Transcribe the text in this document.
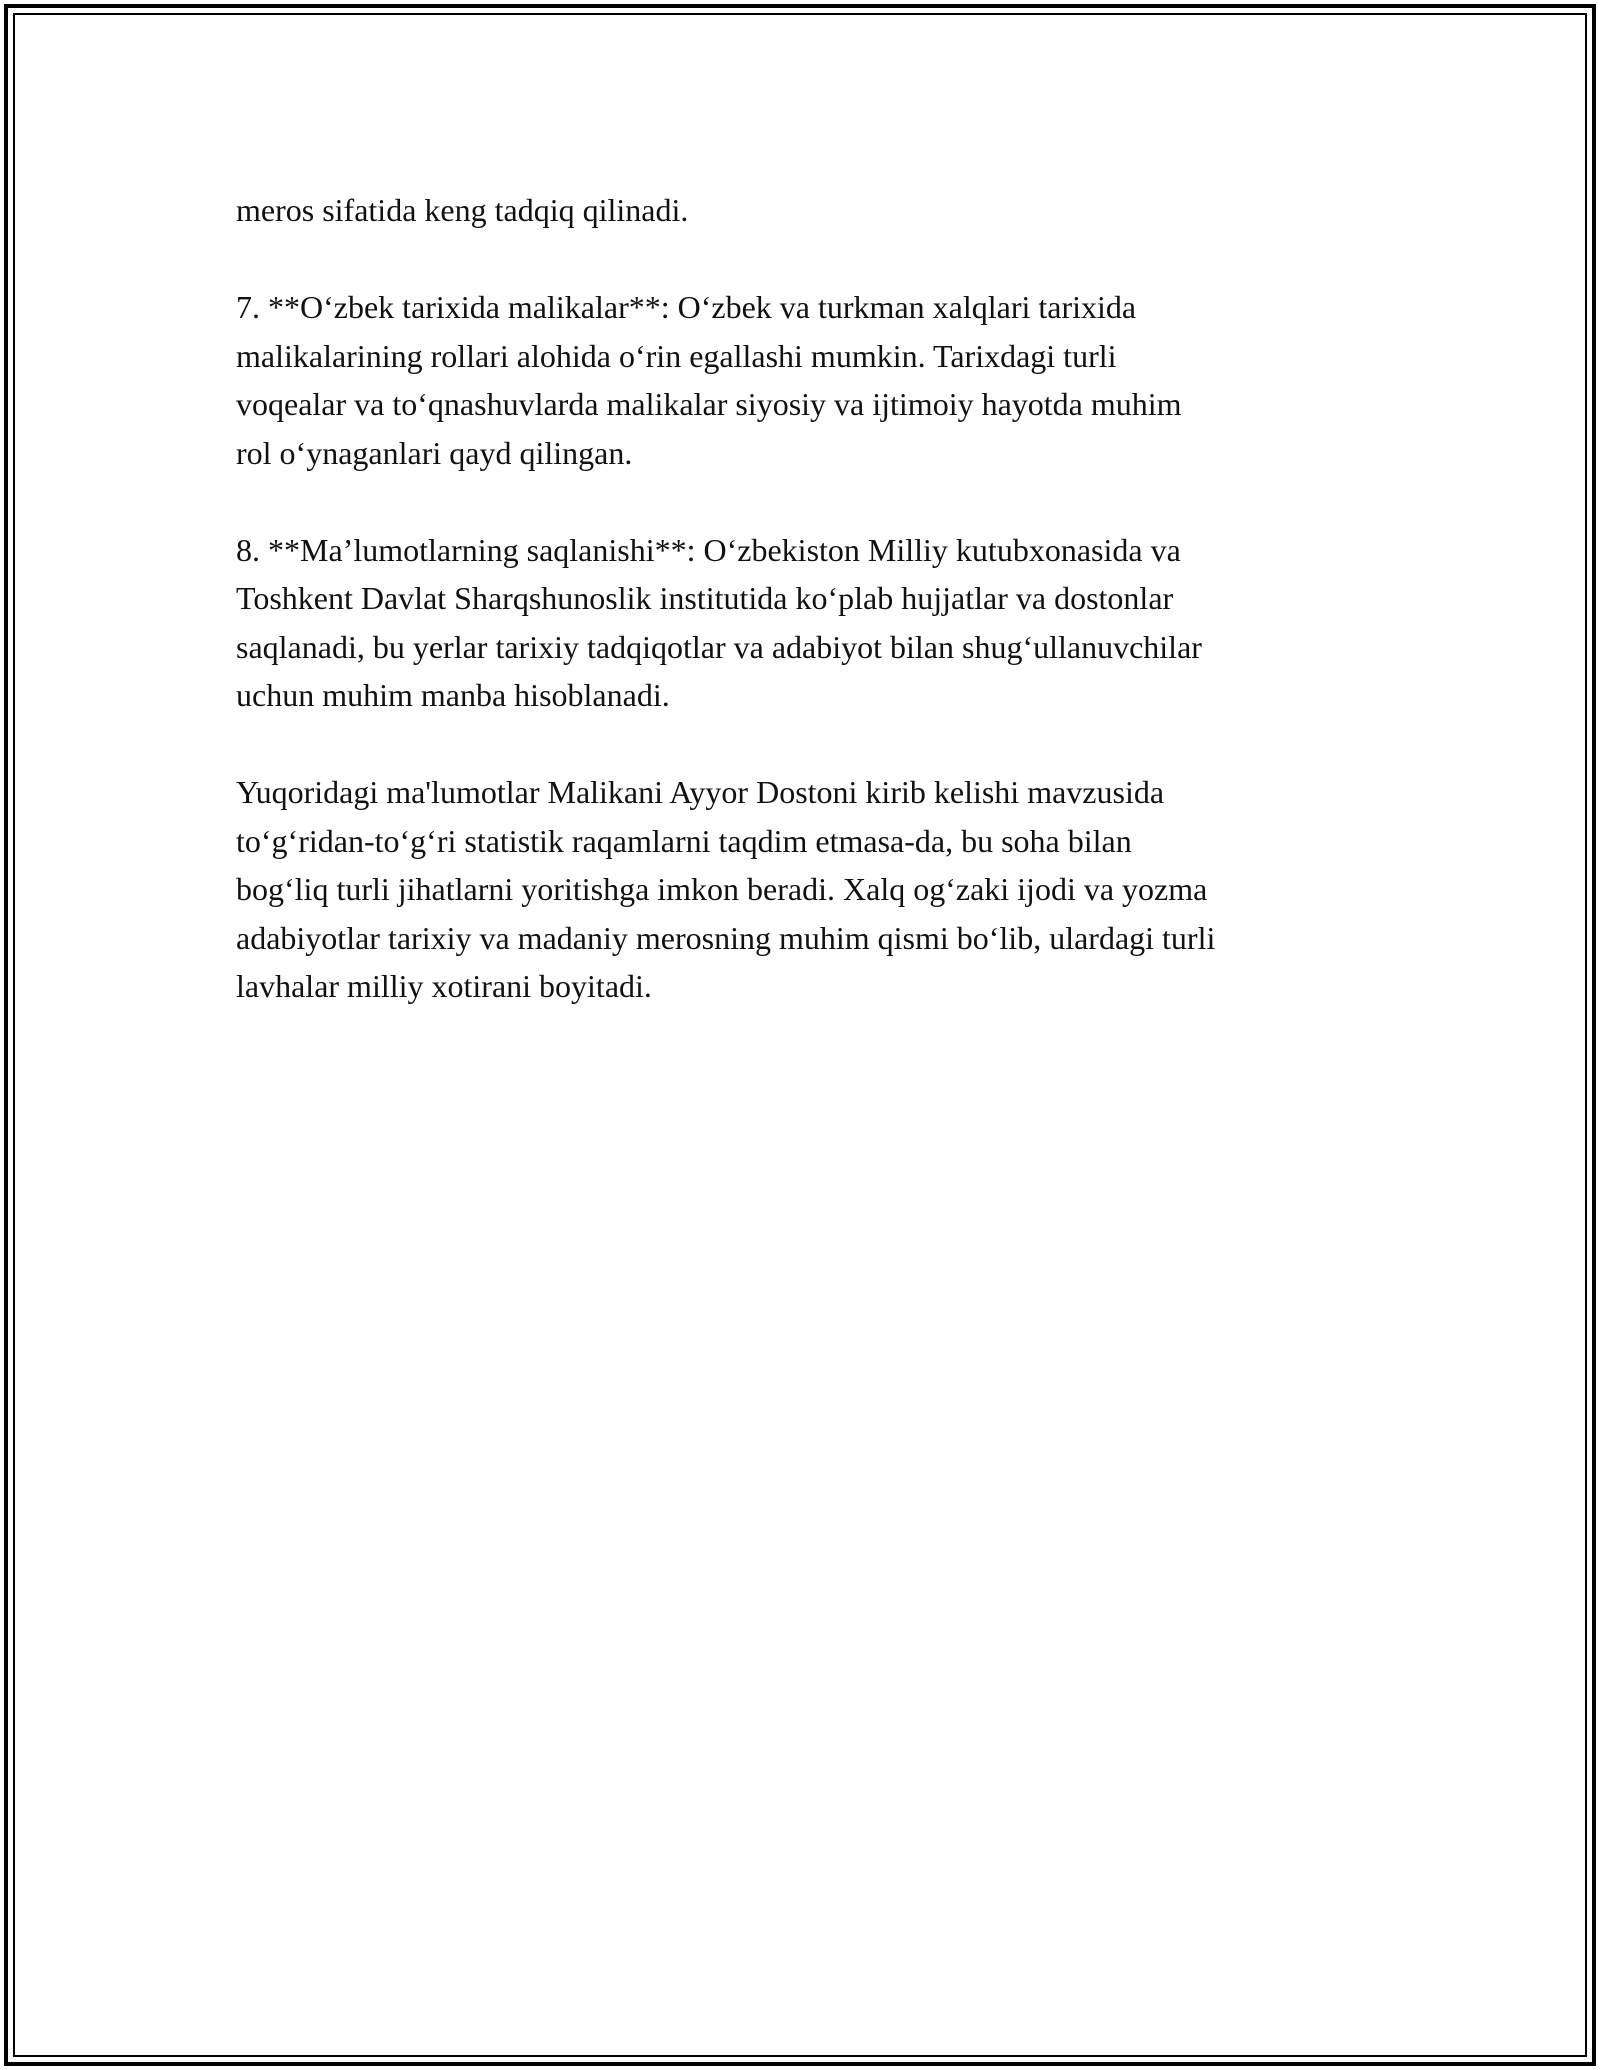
meros sifatida keng tadqiq qilinadi.

7. **O‘zbek tarixida malikalar**: O‘zbek va turkman xalqlari tarixida
malikalarining rollari alohida o‘rin egallashi mumkin. Tarixdagi turli
voqealar va to‘qnashuvlarda malikalar siyosiy va ijtimoiy hayotda muhim
rol o‘ynaganlari qayd qilingan.

8. **Ma’lumotlarning saqlanishi**: O‘zbekiston Milliy kutubxonasida va
Toshkent Davlat Sharqshunoslik institutida ko‘plab hujjatlar va dostonlar
saqlanadi, bu yerlar tarixiy tadqiqotlar va adabiyot bilan shug‘ullanuvchilar
uchun muhim manba hisoblanadi.

Yuqoridagi ma'lumotlar Malikani Ayyor Dostoni kirib kelishi mavzusida
to‘g‘ridan-to‘g‘ri statistik raqamlarni taqdim etmasa-da, bu soha bilan
bog‘liq turli jihatlarni yoritishga imkon beradi. Xalq og‘zaki ijodi va yozma
adabiyotlar tarixiy va madaniy merosning muhim qismi bo‘lib, ulardagi turli
lavhalar milliy xotirani boyitadi.
